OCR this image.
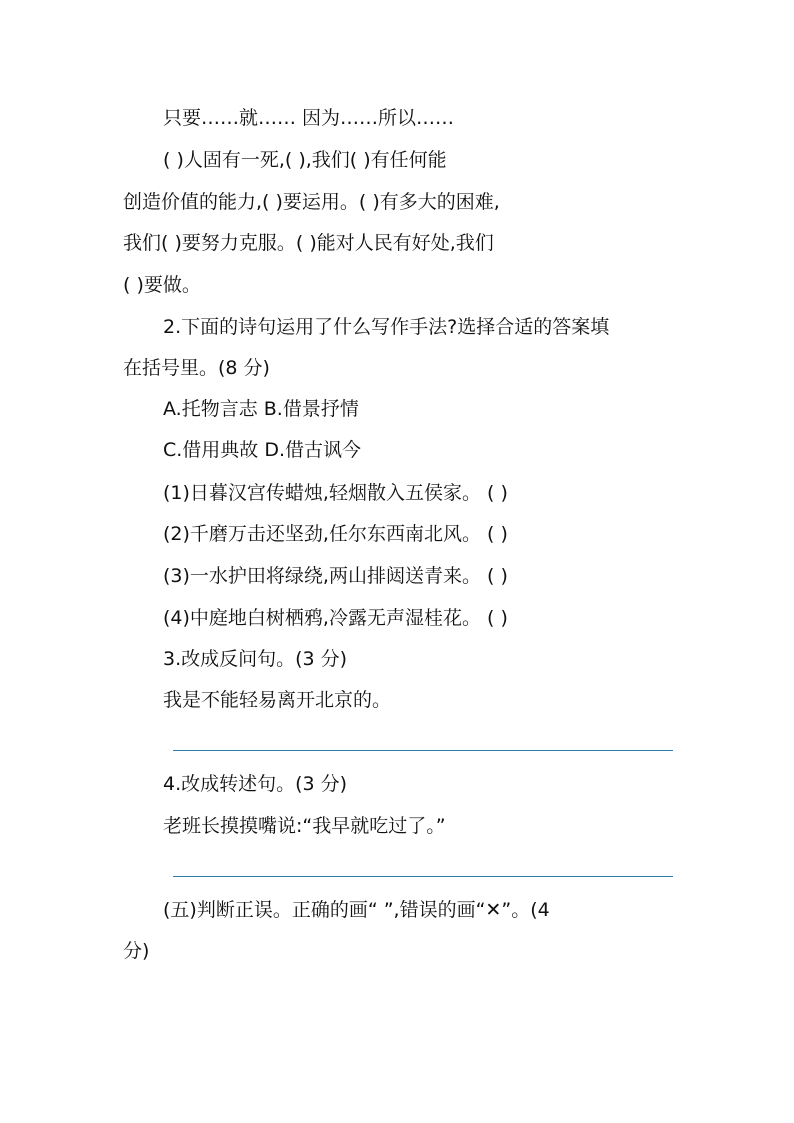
只要……就…… 因为……所以……
( )人固有一死,( ),我们( )有任何能
创造价值的能力,( )要运用。( )有多大的困难,
我们( )要努力克服。( )能对人民有好处,我们
( )要做。
2.下面的诗句运用了什么写作手法?选择合适的答案填
在括号里。(8 分)
A.托物言志 B.借景抒情
C.借用典故 D.借古讽今
(1)日暮汉宫传蜡烛,轻烟散入五侯家。 ( )
(2)千磨万击还坚劲,任尔东西南北风。 ( )
(3)一水护田将绿绕,两山排闼送青来。 ( )
(4)中庭地白树栖鸦,冷露无声湿桂花。 ( )
3.改成反问句。(3 分)
我是不能轻易离开北京的。
4.改成转述句。(3 分)
老班长摸摸嘴说:“我早就吃过了。”
(五)判断正误。正确的画“ ”,错误的画“✕”。(4
分)
